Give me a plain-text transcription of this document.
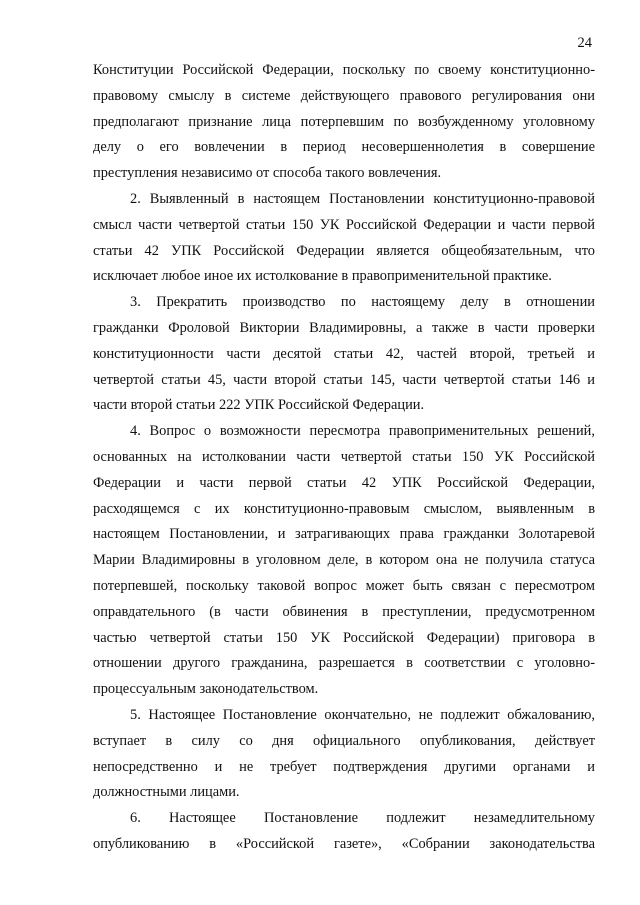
24
Конституции Российской Федерации, поскольку по своему конституционно-
правовому смыслу в системе действующего правового регулирования они
предполагают признание лица потерпевшим по возбужденному уголовному
делу о его вовлечении в период несовершеннолетия в совершение
преступления независимо от способа такого вовлечения.
2. Выявленный в настоящем Постановлении конституционно-правовой
смысл части четвертой статьи 150 УК Российской Федерации и части первой
статьи 42 УПК Российской Федерации является общеобязательным, что
исключает любое иное их истолкование в правоприменительной практике.
3. Прекратить производство по настоящему делу в отношении
гражданки Фроловой Виктории Владимировны, а также в части проверки
конституционности части десятой статьи 42, частей второй, третьей и
четвертой статьи 45, части второй статьи 145, части четвертой статьи 146 и
части второй статьи 222 УПК Российской Федерации.
4. Вопрос о возможности пересмотра правоприменительных решений,
основанных на истолковании части четвертой статьи 150 УК Российской
Федерации и части первой статьи 42 УПК Российской Федерации,
расходящемся с их конституционно-правовым смыслом, выявленным в
настоящем Постановлении, и затрагивающих права гражданки Золотаревой
Марии Владимировны в уголовном деле, в котором она не получила статуса
потерпевшей, поскольку таковой вопрос может быть связан с пересмотром
оправдательного (в части обвинения в преступлении, предусмотренном
частью четвертой статьи 150 УК Российской Федерации) приговора в
отношении другого гражданина, разрешается в соответствии с уголовно-
процессуальным законодательством.
5. Настоящее Постановление окончательно, не подлежит обжалованию,
вступает в силу со дня официального опубликования, действует
непосредственно и не требует подтверждения другими органами и
должностными лицами.
6. Настоящее Постановление подлежит незамедлительному
опубликованию в «Российской газете», «Собрании законодательства
